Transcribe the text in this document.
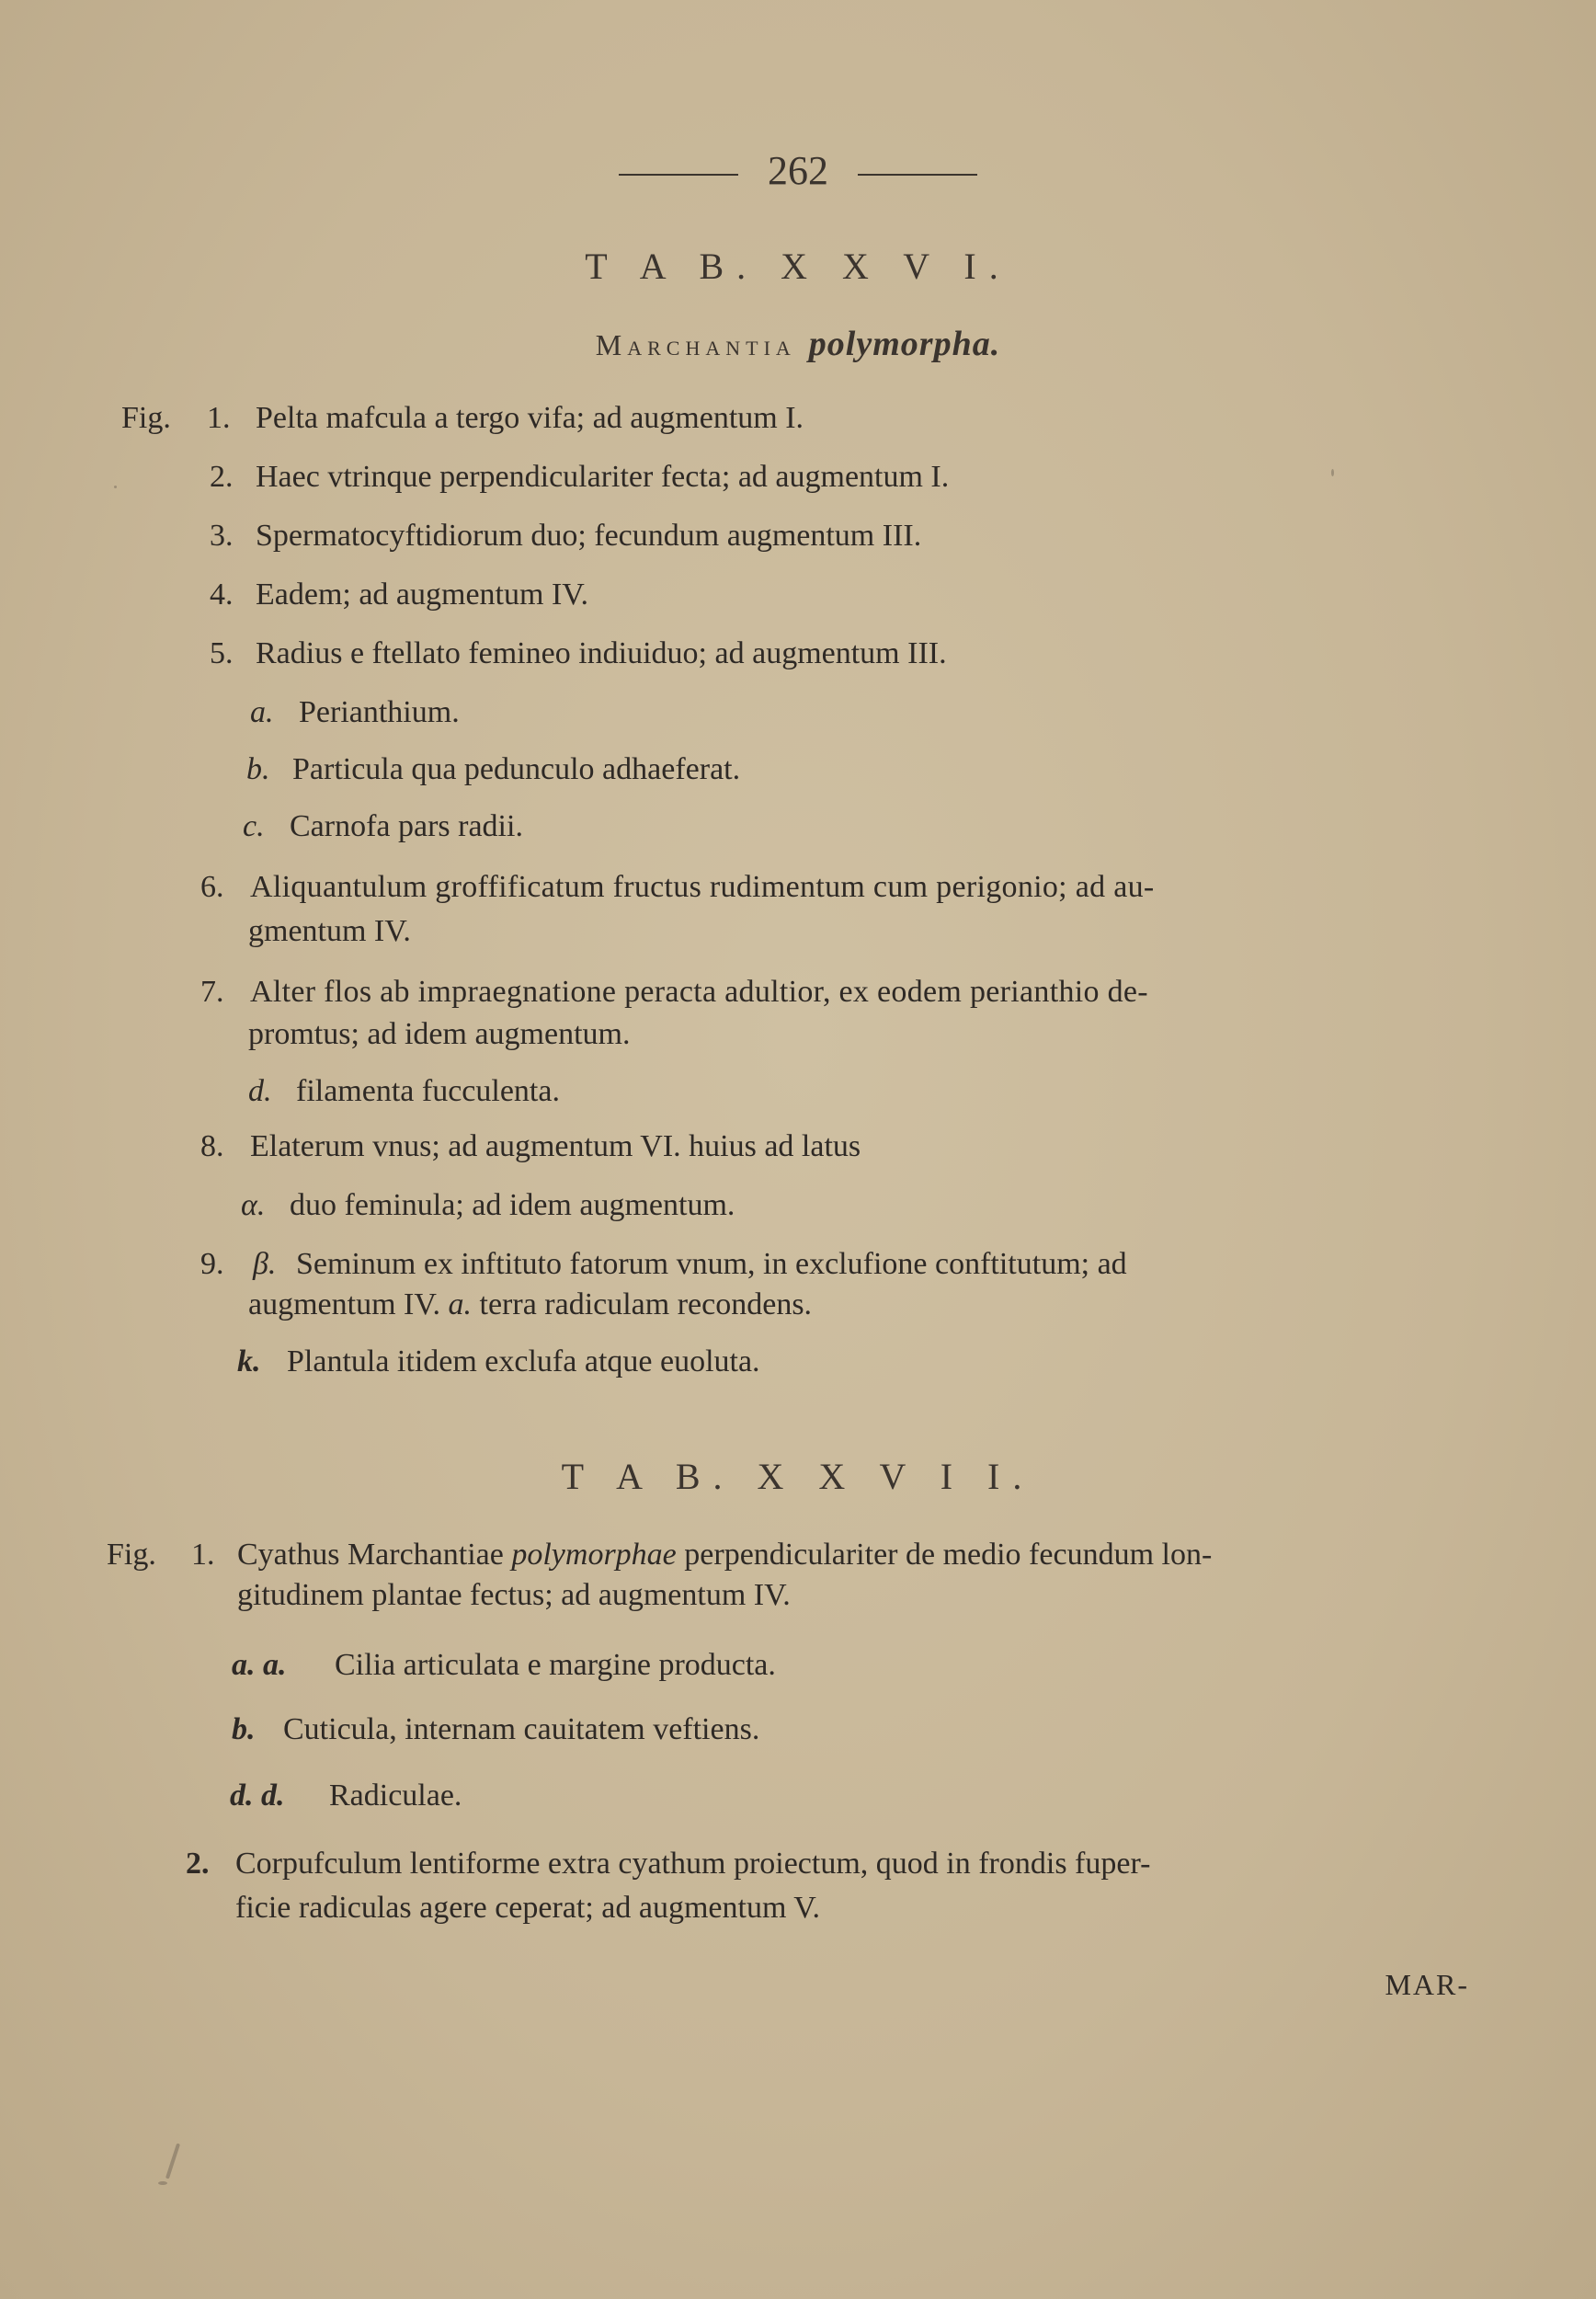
262
T A B. X X V I.
Marchantia polymorpha.
Fig. 1. Pelta mafcula a tergo vifa; ad augmentum I.
2. Haec vtrinque perpendiculariter fecta; ad augmentum I.
3. Spermatocyftidiorum duo; fecundum augmentum III.
4. Eadem; ad augmentum IV.
5. Radius e ftellato femineo indiuiduo; ad augmentum III.
a. Perianthium.
b. Particula qua pedunculo adhaeferat.
c. Carnofa pars radii.
6. Aliquantulum groffificatum fructus rudimentum cum perigonio; ad au-
gmentum IV.
7. Alter flos ab impraegnatione peracta adultior, ex eodem perianthio de-
promtus; ad idem augmentum.
d. filamenta fucculenta.
8. Elaterum vnus; ad augmentum VI. huius ad latus
α. duo feminula; ad idem augmentum.
9. β. Seminum ex inftituto fatorum vnum, in exclufione conftitutum; ad
augmentum IV. a. terra radiculam recondens.
k. Plantula itidem exclufa atque euoluta.
T A B. X X V I I.
Fig. 1. Cyathus Marchantiae polymorphae perpendiculariter de medio fecundum lon-
gitudinem plantae fectus; ad augmentum IV.
a. a. Cilia articulata e margine producta.
b. Cuticula, internam cauitatem veftiens.
d. d. Radiculae.
2. Corpufculum lentiforme extra cyathum proiectum, quod in frondis fuper-
ficie radiculas agere ceperat; ad augmentum V.
MAR-
